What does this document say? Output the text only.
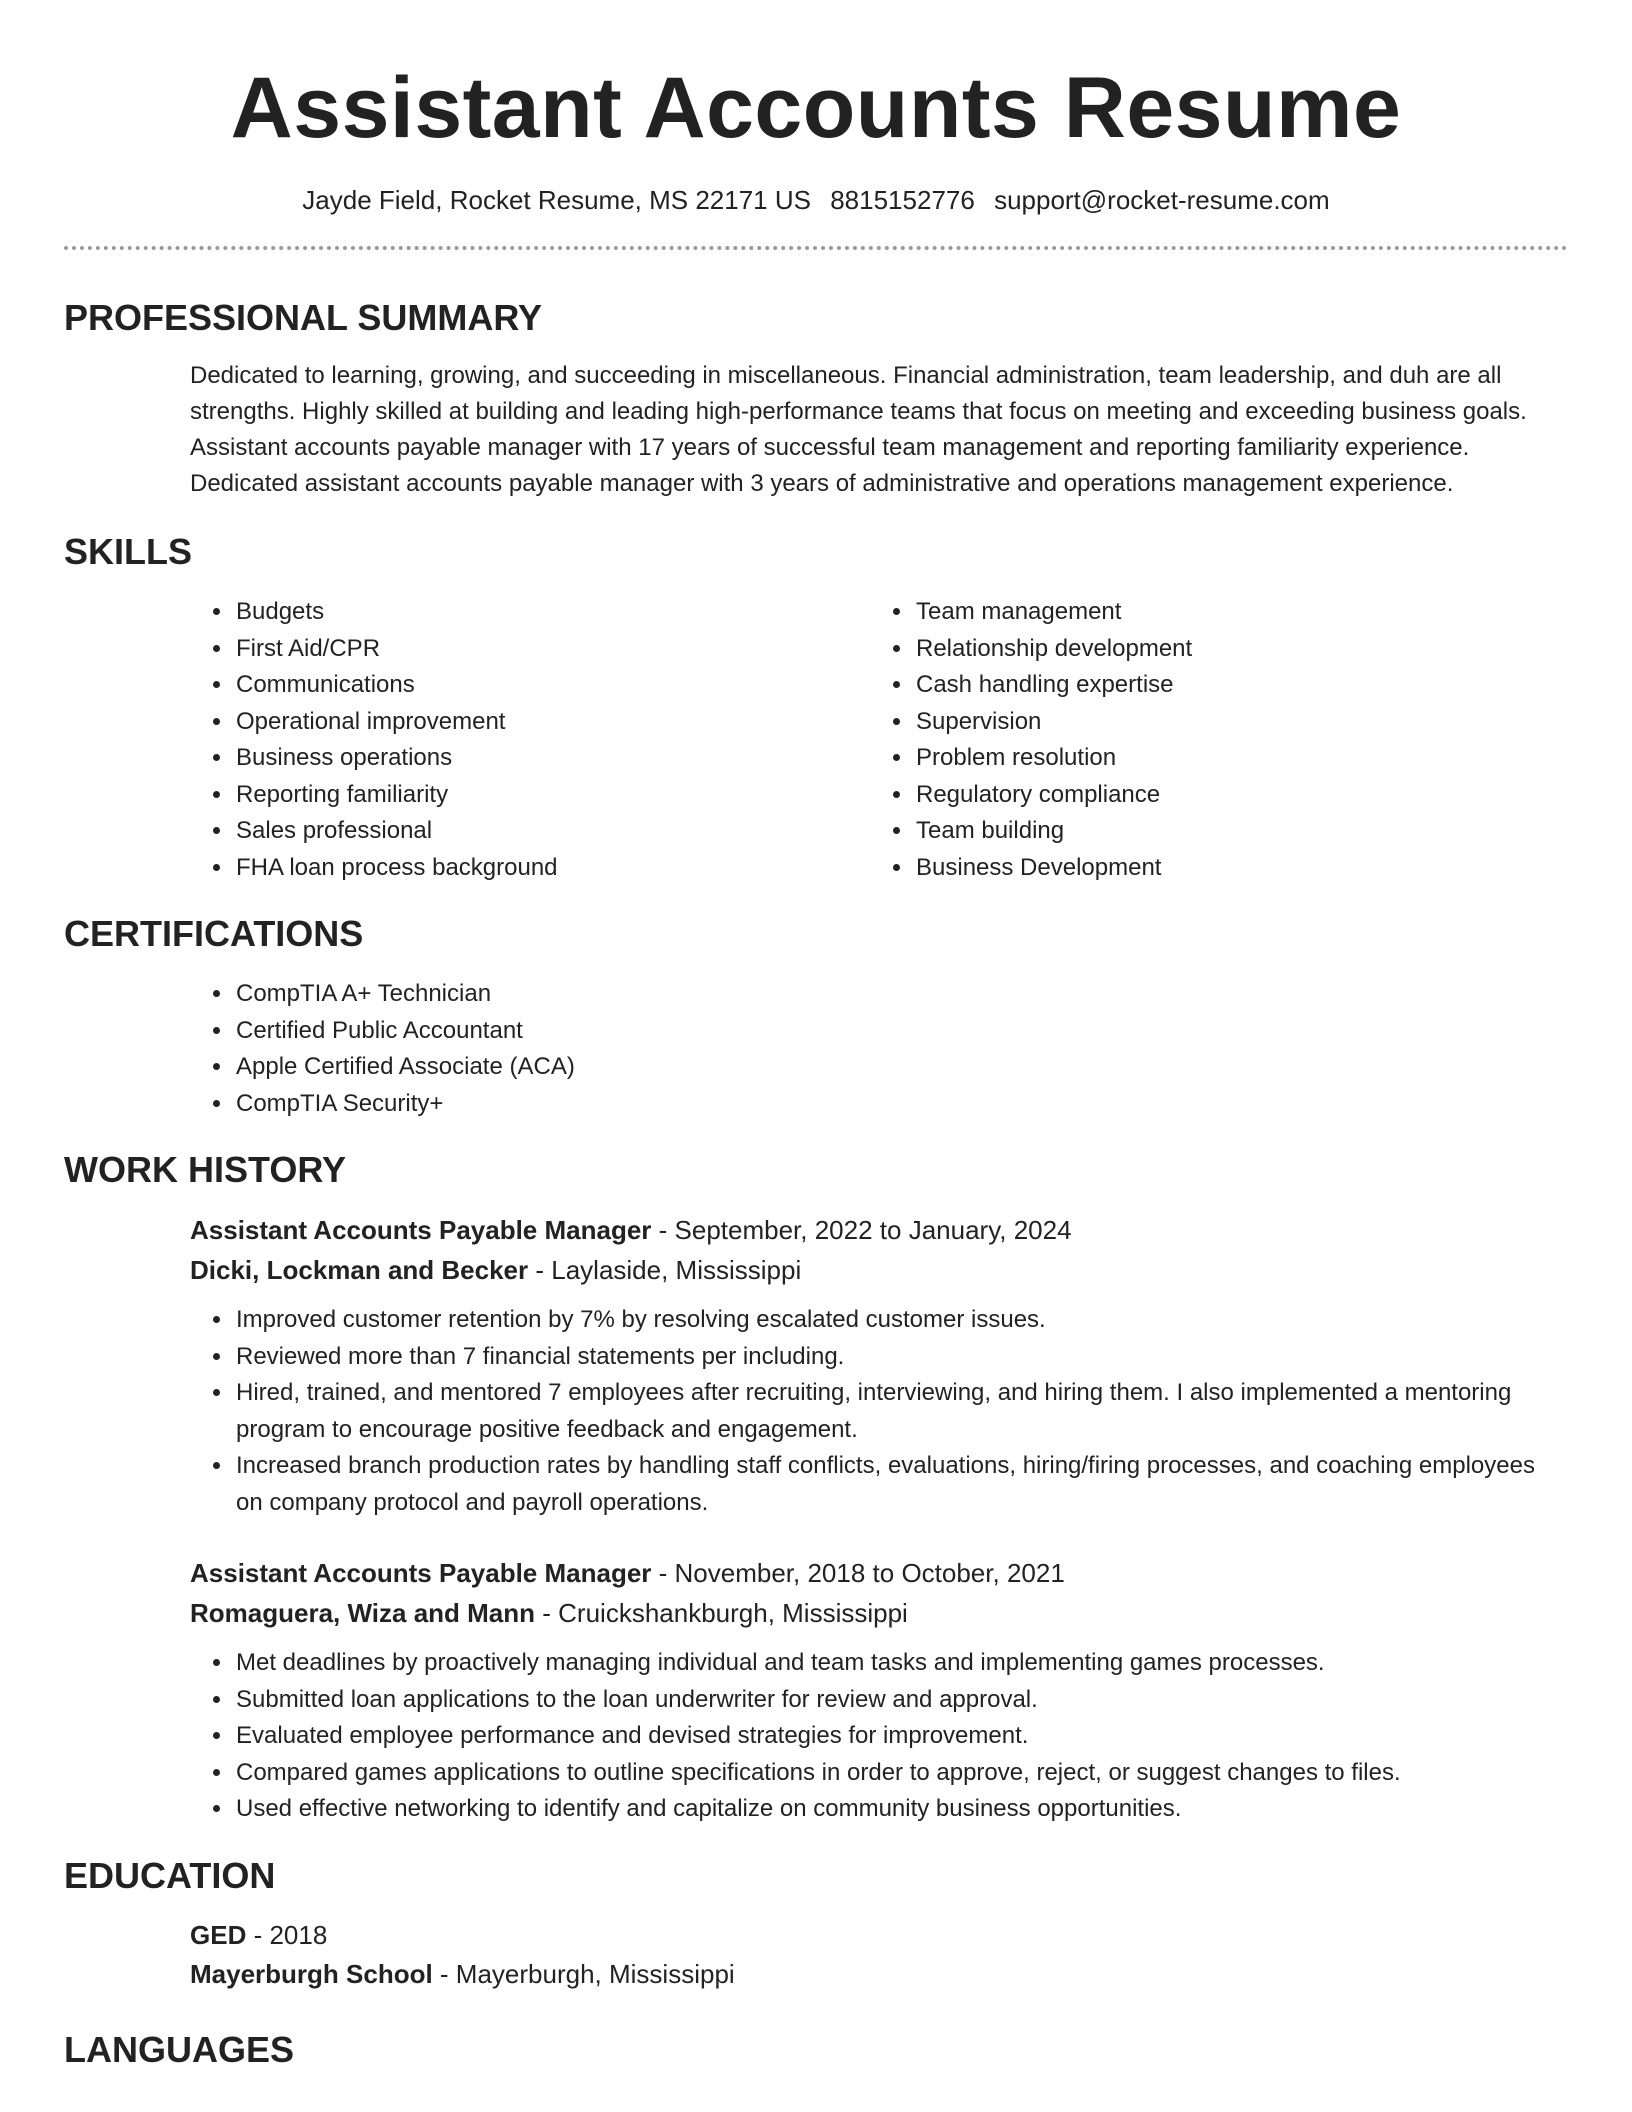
Assistant Accounts Resume
Jayde Field, Rocket Resume, MS 22171 US 8815152776 support@rocket-resume.com
PROFESSIONAL SUMMARY

Dedicated to learning, growing, and succeeding in miscellaneous. Financial administration, team leadership, and duh are all strengths. Highly skilled at building and leading high-performance teams that focus on meeting and exceeding business goals. Assistant accounts payable manager with 17 years of successful team management and reporting familiarity experience. Dedicated assistant accounts payable manager with 3 years of administrative and operations management experience.

SKILLS
• Budgets
• First Aid/CPR
• Communications
• Operational improvement
• Business operations
• Reporting familiarity
• Sales professional
• FHA loan process background
• Team management
• Relationship development
• Cash handling expertise
• Supervision
• Problem resolution
• Regulatory compliance
• Team building
• Business Development
CERTIFICATIONS
• CompTIA A+ Technician
• Certified Public Accountant
• Apple Certified Associate (ACA)
• CompTIA Security+
WORK HISTORY
Assistant Accounts Payable Manager - September, 2022 to January, 2024
Dicki, Lockman and Becker - Laylaside, Mississippi
• Improved customer retention by 7% by resolving escalated customer issues.
• Reviewed more than 7 financial statements per including.
• Hired, trained, and mentored 7 employees after recruiting, interviewing, and hiring them. I also implemented a mentoring program to encourage positive feedback and engagement.
• Increased branch production rates by handling staff conflicts, evaluations, hiring/firing processes, and coaching employees on company protocol and payroll operations.
Assistant Accounts Payable Manager - November, 2018 to October, 2021
Romaguera, Wiza and Mann - Cruickshankburgh, Mississippi
• Met deadlines by proactively managing individual and team tasks and implementing games processes.
• Submitted loan applications to the loan underwriter for review and approval.
• Evaluated employee performance and devised strategies for improvement.
• Compared games applications to outline specifications in order to approve, reject, or suggest changes to files.
• Used effective networking to identify and capitalize on community business opportunities.
EDUCATION
GED - 2018
Mayerburgh School - Mayerburgh, Mississippi
LANGUAGES
